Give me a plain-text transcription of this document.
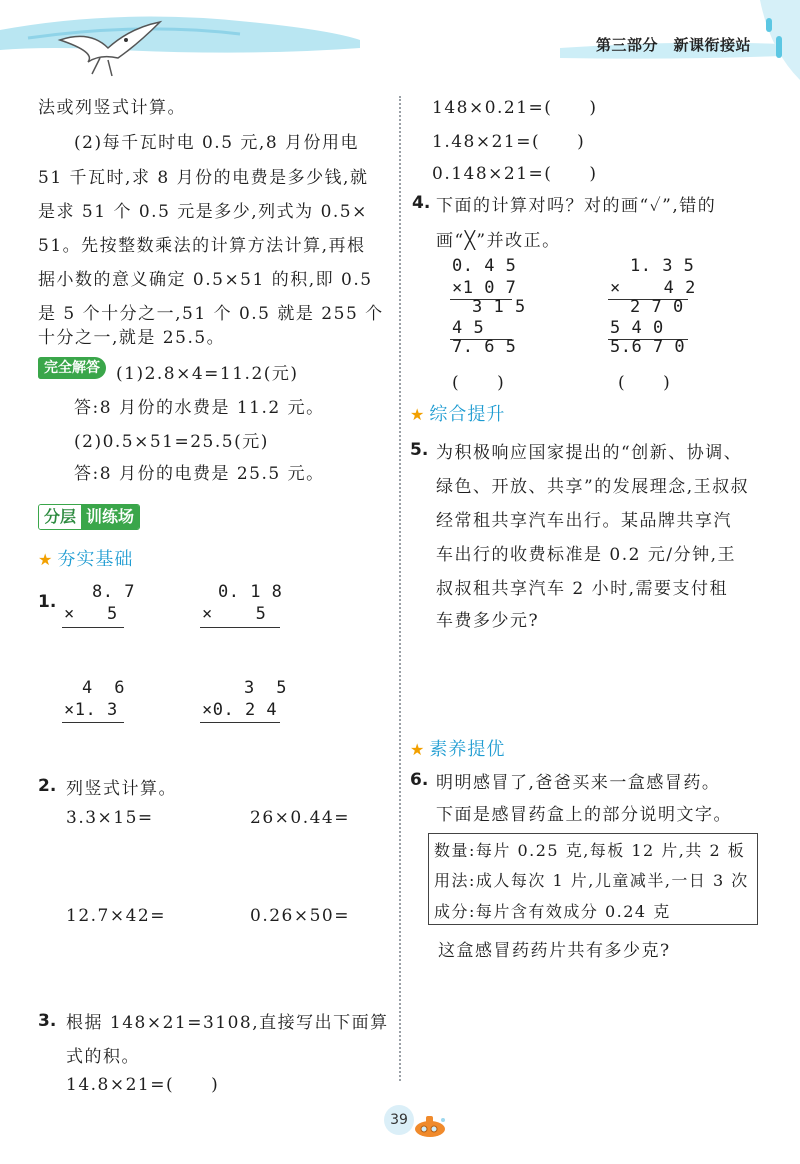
第三部分　新课衔接站
法或列竖式计算。
(2)每千瓦时电 0.5 元,8 月份用电
51 千瓦时,求 8 月份的电费是多少钱,就
是求 51 个 0.5 元是多少,列式为 0.5×
51。先按整数乘法的计算方法计算,再根
据小数的意义确定 0.5×51 的积,即 0.5
是 5 个十分之一,51 个 0.5 就是 255 个
十分之一,就是 25.5。
完全解答 (1)2.8×4=11.2(元)
答:8 月份的水费是 11.2 元。
(2)0.5×51=25.5(元)
答:8 月份的电费是 25.5 元。
分层 训练场
★ 夯实基础
1. 8. 7
×   5
0. 1 8
×    5
4  6
×1. 3
3  5
×0. 2 4
2. 列竖式计算。
3.3×15=	26×0.44=
12.7×42=	0.26×50=
3. 根据 148×21=3108,直接写出下面算
式的积。
14.8×21=(　　)
148×0.21=(　　)
1.48×21=(　　)
0.148×21=(　　)
4. 下面的计算对吗？对的画“✓”,错的
画“╳”并改正。
0. 4 5
×1 0 7
3 1 5
4 5
7. 6 5
(　　)
1. 3 5
×    4 2
2 7 0
5 4 0
5.6 7 0
(　　)
★ 综合提升
5. 为积极响应国家提出的“创新、协调、
绿色、开放、共享”的发展理念,王叔叔
经常租共享汽车出行。某品牌共享汽
车出行的收费标准是 0.2 元/分钟,王
叔叔租共享汽车 2 小时,需要支付租
车费多少元?
★ 素养提优
6. 明明感冒了,爸爸买来一盒感冒药。
下面是感冒药盒上的部分说明文字。
数量:每片 0.25 克,每板 12 片,共 2 板
用法:成人每次 1 片,儿童减半,一日 3 次
成分:每片含有效成分 0.24 克
这盒感冒药药片共有多少克?
39
